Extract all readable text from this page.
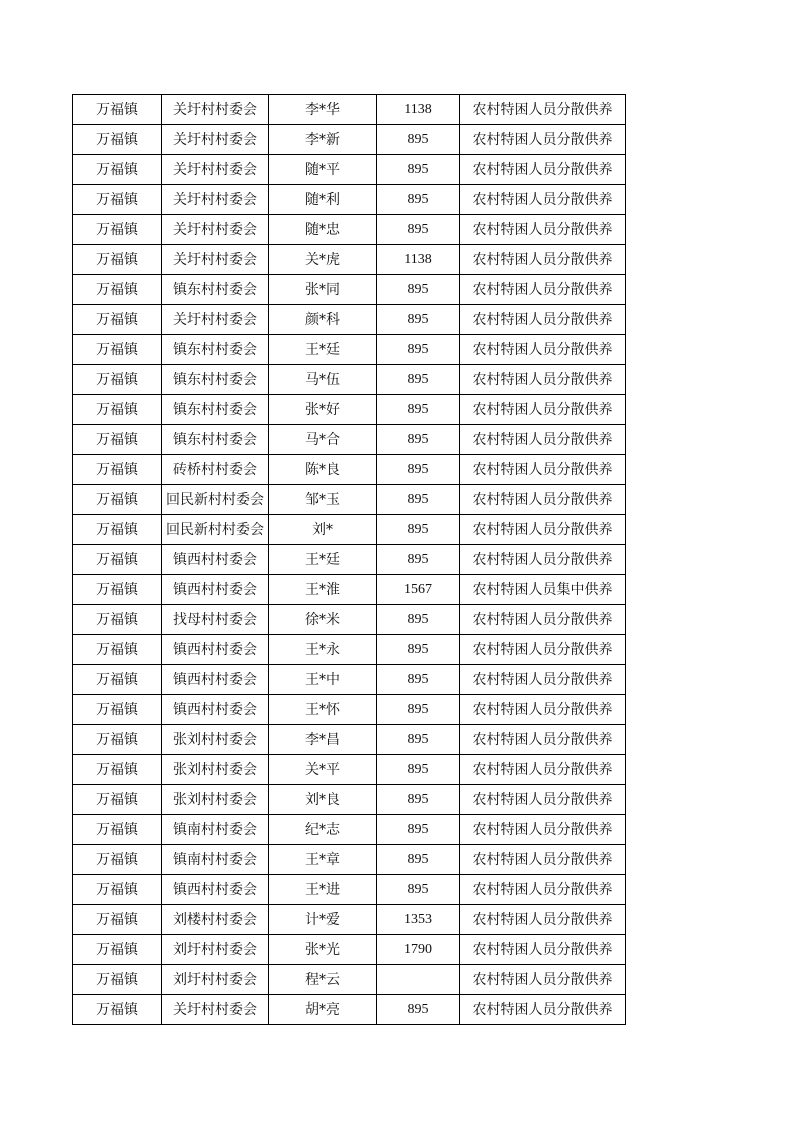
万福镇	关圩村村委会	李*华	1138	农村特困人员分散供养
万福镇	关圩村村委会	李*新	895	农村特困人员分散供养
万福镇	关圩村村委会	随*平	895	农村特困人员分散供养
万福镇	关圩村村委会	随*利	895	农村特困人员分散供养
万福镇	关圩村村委会	随*忠	895	农村特困人员分散供养
万福镇	关圩村村委会	关*虎	1138	农村特困人员分散供养
万福镇	镇东村村委会	张*同	895	农村特困人员分散供养
万福镇	关圩村村委会	颜*科	895	农村特困人员分散供养
万福镇	镇东村村委会	王*廷	895	农村特困人员分散供养
万福镇	镇东村村委会	马*伍	895	农村特困人员分散供养
万福镇	镇东村村委会	张*好	895	农村特困人员分散供养
万福镇	镇东村村委会	马*合	895	农村特困人员分散供养
万福镇	砖桥村村委会	陈*良	895	农村特困人员分散供养
万福镇	回民新村村委会	邹*玉	895	农村特困人员分散供养
万福镇	回民新村村委会	刘*	895	农村特困人员分散供养
万福镇	镇西村村委会	王*廷	895	农村特困人员分散供养
万福镇	镇西村村委会	王*淮	1567	农村特困人员集中供养
万福镇	找母村村委会	徐*米	895	农村特困人员分散供养
万福镇	镇西村村委会	王*永	895	农村特困人员分散供养
万福镇	镇西村村委会	王*中	895	农村特困人员分散供养
万福镇	镇西村村委会	王*怀	895	农村特困人员分散供养
万福镇	张刘村村委会	李*昌	895	农村特困人员分散供养
万福镇	张刘村村委会	关*平	895	农村特困人员分散供养
万福镇	张刘村村委会	刘*良	895	农村特困人员分散供养
万福镇	镇南村村委会	纪*志	895	农村特困人员分散供养
万福镇	镇南村村委会	王*章	895	农村特困人员分散供养
万福镇	镇西村村委会	王*进	895	农村特困人员分散供养
万福镇	刘楼村村委会	计*爱	1353	农村特困人员分散供养
万福镇	刘圩村村委会	张*光	1790	农村特困人员分散供养
万福镇	刘圩村村委会	程*云		农村特困人员分散供养
万福镇	关圩村村委会	胡*亮	895	农村特困人员分散供养
